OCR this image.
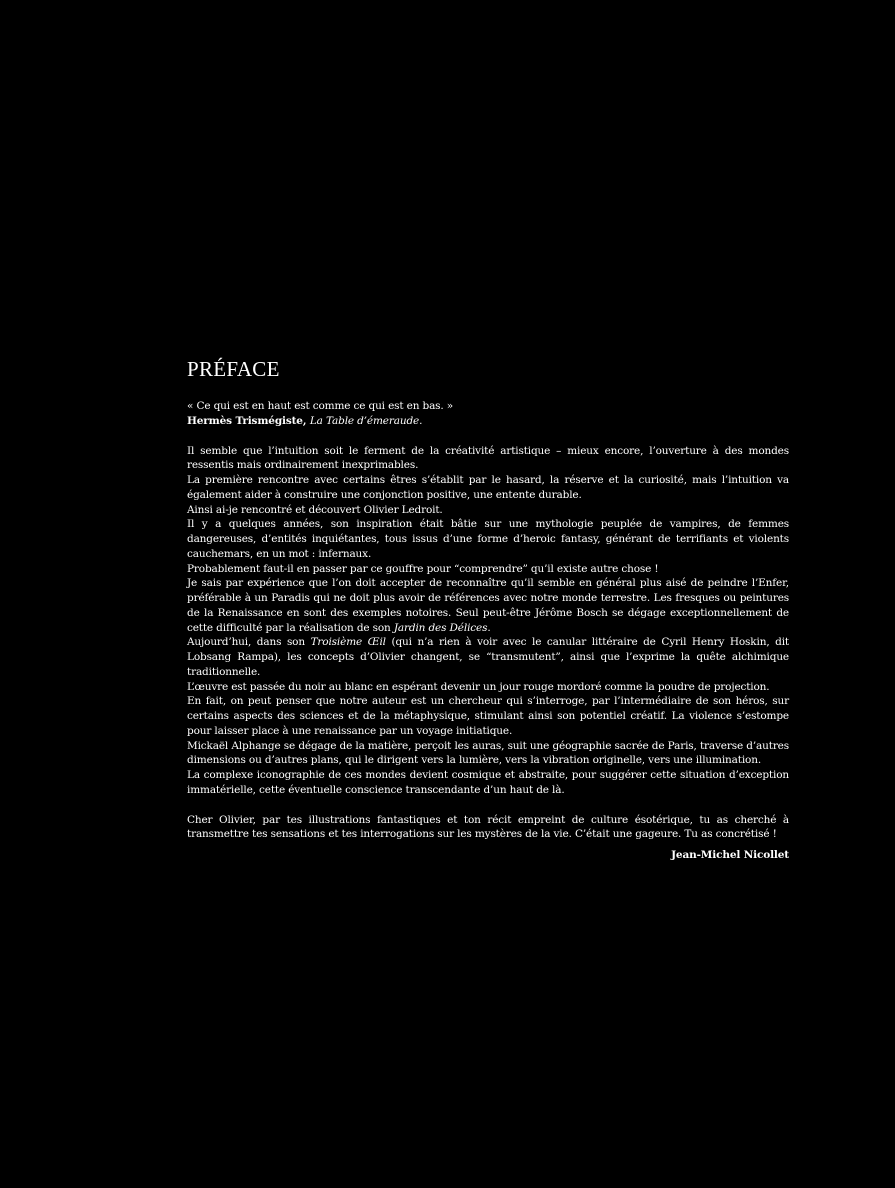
PRÉFACE

« Ce qui est en haut est comme ce qui est en bas. »

Hermès Trismégiste, La Table d’émeraude.

Il semble que l’intuition soit le ferment de la créativité artistique – mieux encore, l’ouverture à des mondes ressentis mais ordinairement inexprimables.

La première rencontre avec certains êtres s’établit par le hasard, la réserve et la curiosité, mais l’intuition va également aider à construire une conjonction positive, une entente durable.

Ainsi ai-je rencontré et découvert Olivier Ledroit.

Il y a quelques années, son inspiration était bâtie sur une mythologie peuplée de vampires, de femmes dangereuses, d’entités inquiétantes, tous issus d’une forme d’heroic fantasy, générant de terrifiants et violents cauchemars, en un mot : infernaux.

Probablement faut-il en passer par ce gouffre pour “comprendre” qu’il existe autre chose !

Je sais par expérience que l’on doit accepter de reconnaître qu’il semble en général plus aisé de peindre l’Enfer, préférable à un Paradis qui ne doit plus avoir de références avec notre monde terrestre. Les fresques ou peintures de la Renaissance en sont des exemples notoires. Seul peut-être Jérôme Bosch se dégage exceptionnellement de cette difficulté par la réalisation de son Jardin des Délices.

Aujourd’hui, dans son Troisième Œil (qui n’a rien à voir avec le canular littéraire de Cyril Henry Hoskin, dit Lobsang Rampa), les concepts d’Olivier changent, se “transmutent”, ainsi que l’exprime la quête alchimique traditionnelle.

L’œuvre est passée du noir au blanc en espérant devenir un jour rouge mordoré comme la poudre de projection.

En fait, on peut penser que notre auteur est un chercheur qui s’interroge, par l’intermédiaire de son héros, sur certains aspects des sciences et de la métaphysique, stimulant ainsi son potentiel créatif. La violence s’estompe pour laisser place à une renaissance par un voyage initiatique.

Mickaël Alphange se dégage de la matière, perçoit les auras, suit une géographie sacrée de Paris, traverse d’autres dimensions ou d’autres plans, qui le dirigent vers la lumière, vers la vibration originelle, vers une illumination.

La complexe iconographie de ces mondes devient cosmique et abstraite, pour suggérer cette situation d’exception immatérielle, cette éventuelle conscience transcendante d’un haut de là.

Cher Olivier, par tes illustrations fantastiques et ton récit empreint de culture ésotérique, tu as cherché à transmettre tes sensations et tes interrogations sur les mystères de la vie. C’était une gageure. Tu as concrétisé !

Jean-Michel Nicollet
